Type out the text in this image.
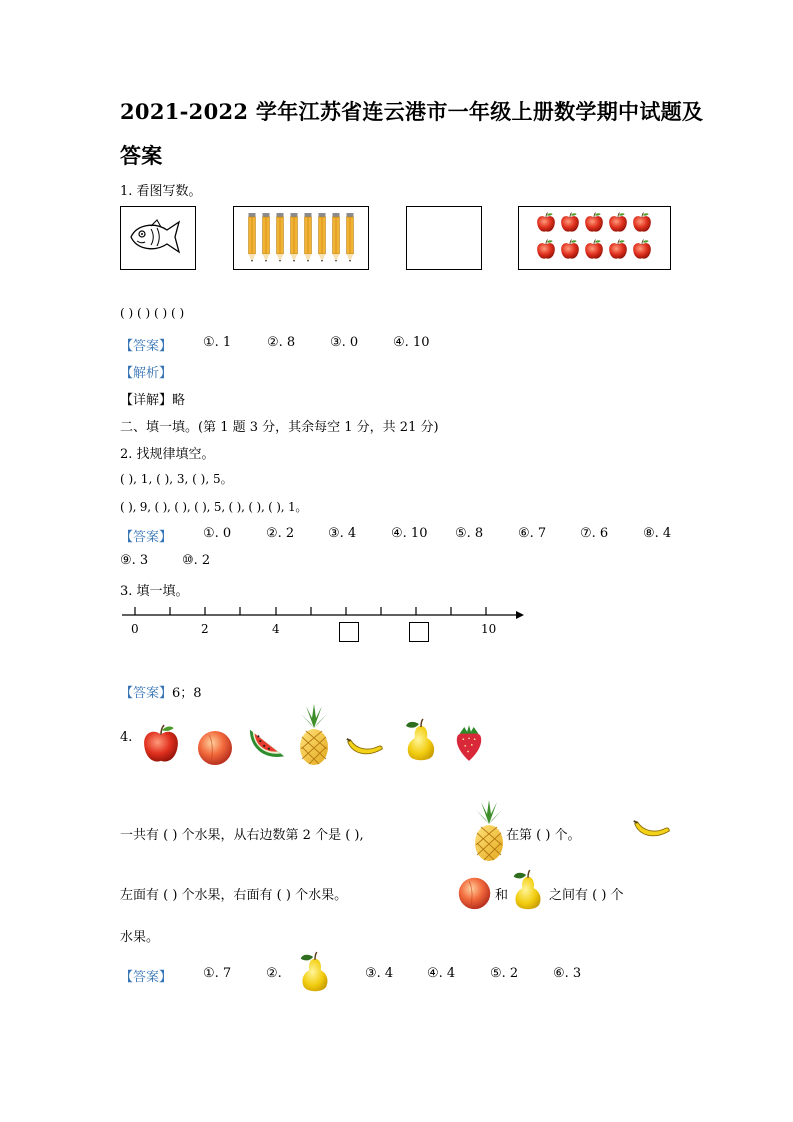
2021-2022 学年江苏省连云港市一年级上册数学期中试题及
答案
1. 看图写数。
( ) ( ) ( ) ( )
【答案】 ①. 1	②. 8	③. 0	④. 10
【解析】
【详解】略
二、填一填。(第 1 题 3 分，其余每空 1 分，共 21 分)
2. 找规律填空。
( ), 1, ( ), 3, ( ), 5。
( ), 9, ( ), ( ), ( ), 5, ( ), ( ), ( ), 1。
【答案】 ①. 0	②. 2	③. 4	④. 10 ⑤. 8	⑥. 7	⑦. 6	⑧. 4
⑨. 3	⑩. 2
3. 填一填。
0	2	4	10
【答案】6；8
4.
一共有 ( ) 个水果，从右边数第 2 个是 ( ),	在第 ( ) 个。
左面有 ( ) 个水果，右面有 ( ) 个水果。	和	之间有 ( ) 个
水果。
【答案】 ①. 7	②.	③. 4	④. 4	⑤. 2	⑥. 3
